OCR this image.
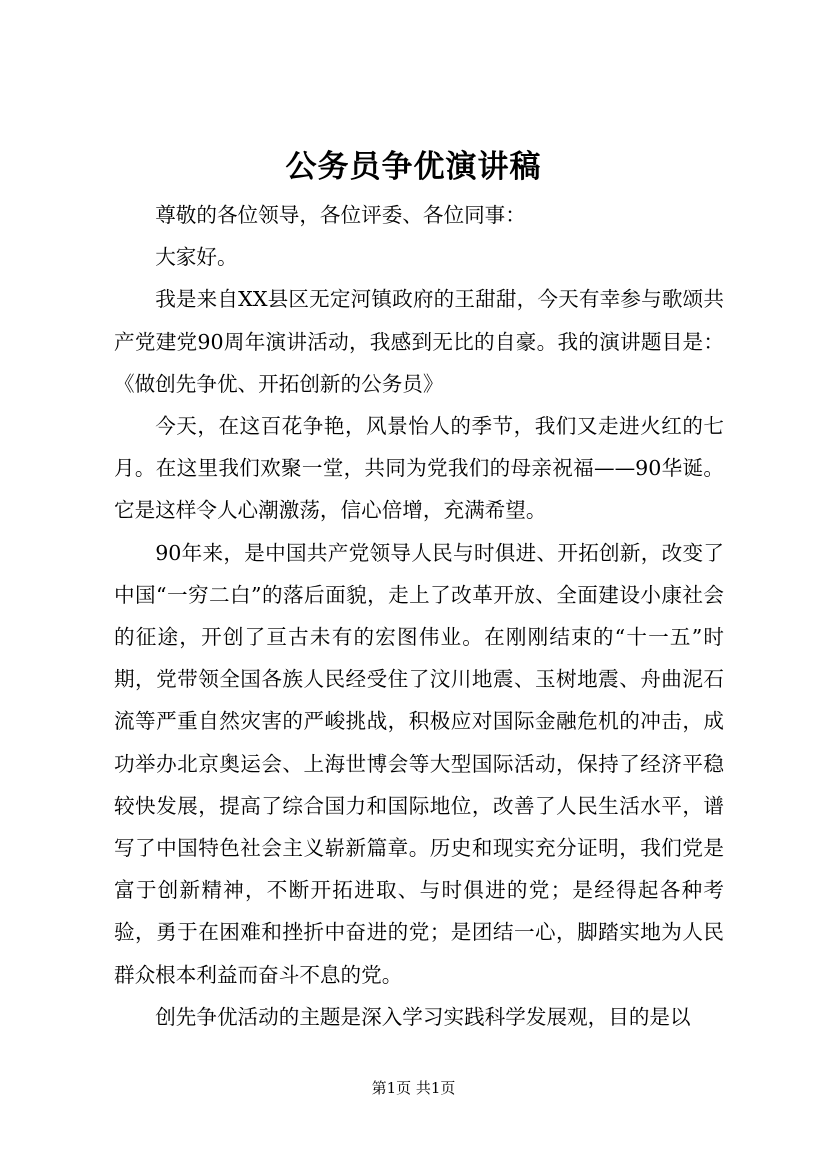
公务员争优演讲稿

尊敬的各位领导，各位评委、各位同事：

大家好。

我是来自XX县区无定河镇政府的王甜甜，今天有幸参与歌颂共产党建党90周年演讲活动，我感到无比的自豪。我的演讲题目是：《做创先争优、开拓创新的公务员》

今天，在这百花争艳，风景怡人的季节，我们又走进火红的七月。在这里我们欢聚一堂，共同为党我们的母亲祝福——90华诞。它是这样令人心潮激荡，信心倍增，充满希望。

90年来，是中国共产党领导人民与时俱进、开拓创新，改变了中国“一穷二白”的落后面貌，走上了改革开放、全面建设小康社会的征途，开创了亘古未有的宏图伟业。在刚刚结束的“十一五”时期，党带领全国各族人民经受住了汶川地震、玉树地震、舟曲泥石流等严重自然灾害的严峻挑战，积极应对国际金融危机的冲击，成功举办北京奥运会、上海世博会等大型国际活动，保持了经济平稳较快发展，提高了综合国力和国际地位，改善了人民生活水平，谱写了中国特色社会主义崭新篇章。历史和现实充分证明，我们党是富于创新精神，不断开拓进取、与时俱进的党；是经得起各种考验，勇于在困难和挫折中奋进的党；是团结一心，脚踏实地为人民群众根本利益而奋斗不息的党。

创先争优活动的主题是深入学习实践科学发展观，目的是以

第1页 共1页
